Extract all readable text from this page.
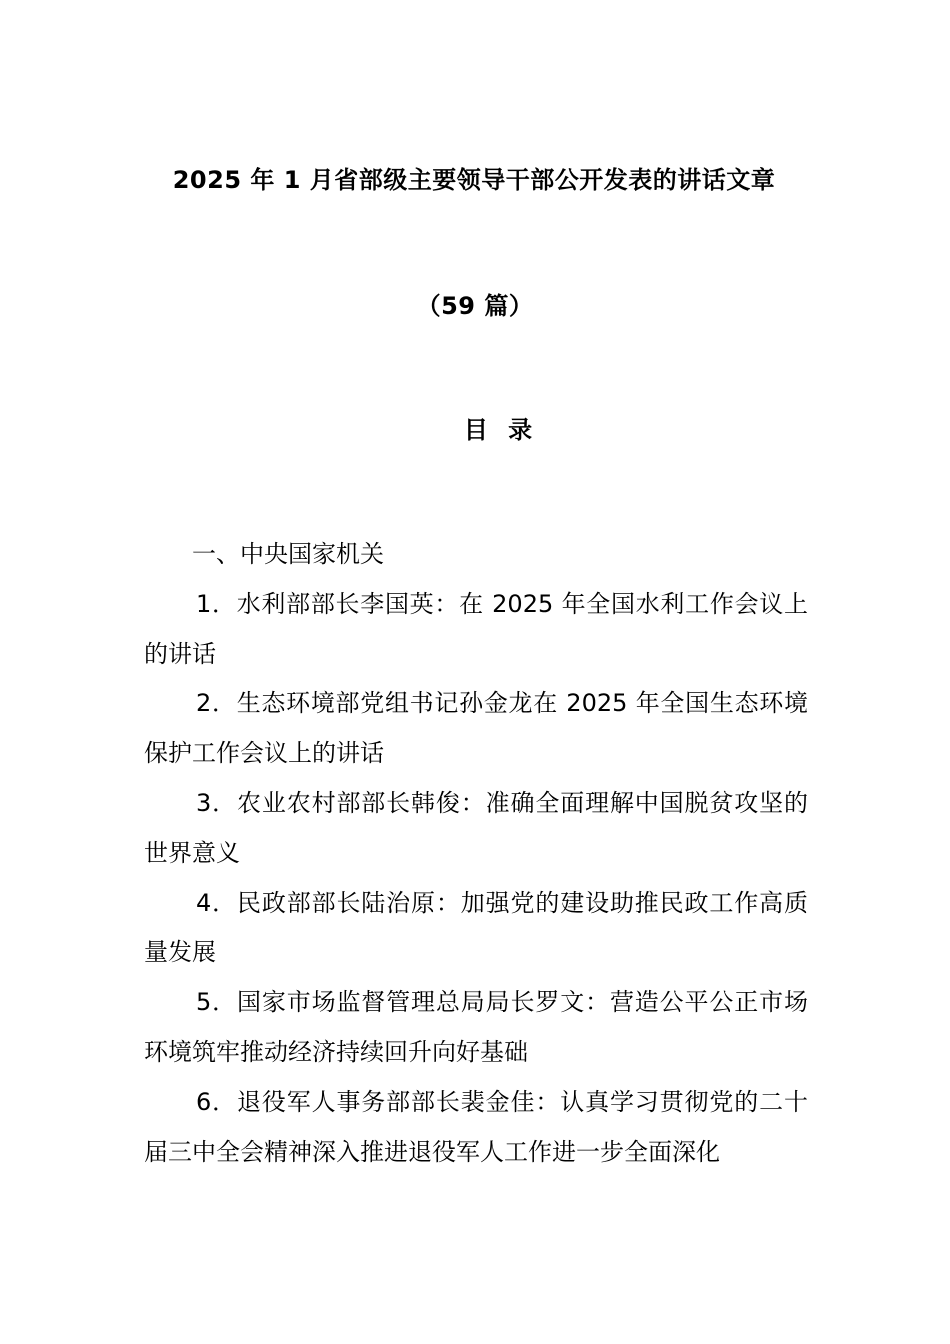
2025 年 1 月省部级主要领导干部公开发表的讲话文章
（59 篇）
目 录
一、中央国家机关
1．水利部部长李国英：在 2025 年全国水利工作会议上的讲话
2．生态环境部党组书记孙金龙在 2025 年全国生态环境保护工作会议上的讲话
3．农业农村部部长韩俊：准确全面理解中国脱贫攻坚的世界意义
4．民政部部长陆治原：加强党的建设助推民政工作高质量发展
5．国家市场监督管理总局局长罗文：营造公平公正市场环境筑牢推动经济持续回升向好基础
6．退役军人事务部部长裴金佳：认真学习贯彻党的二十届三中全会精神深入推进退役军人工作进一步全面深化
